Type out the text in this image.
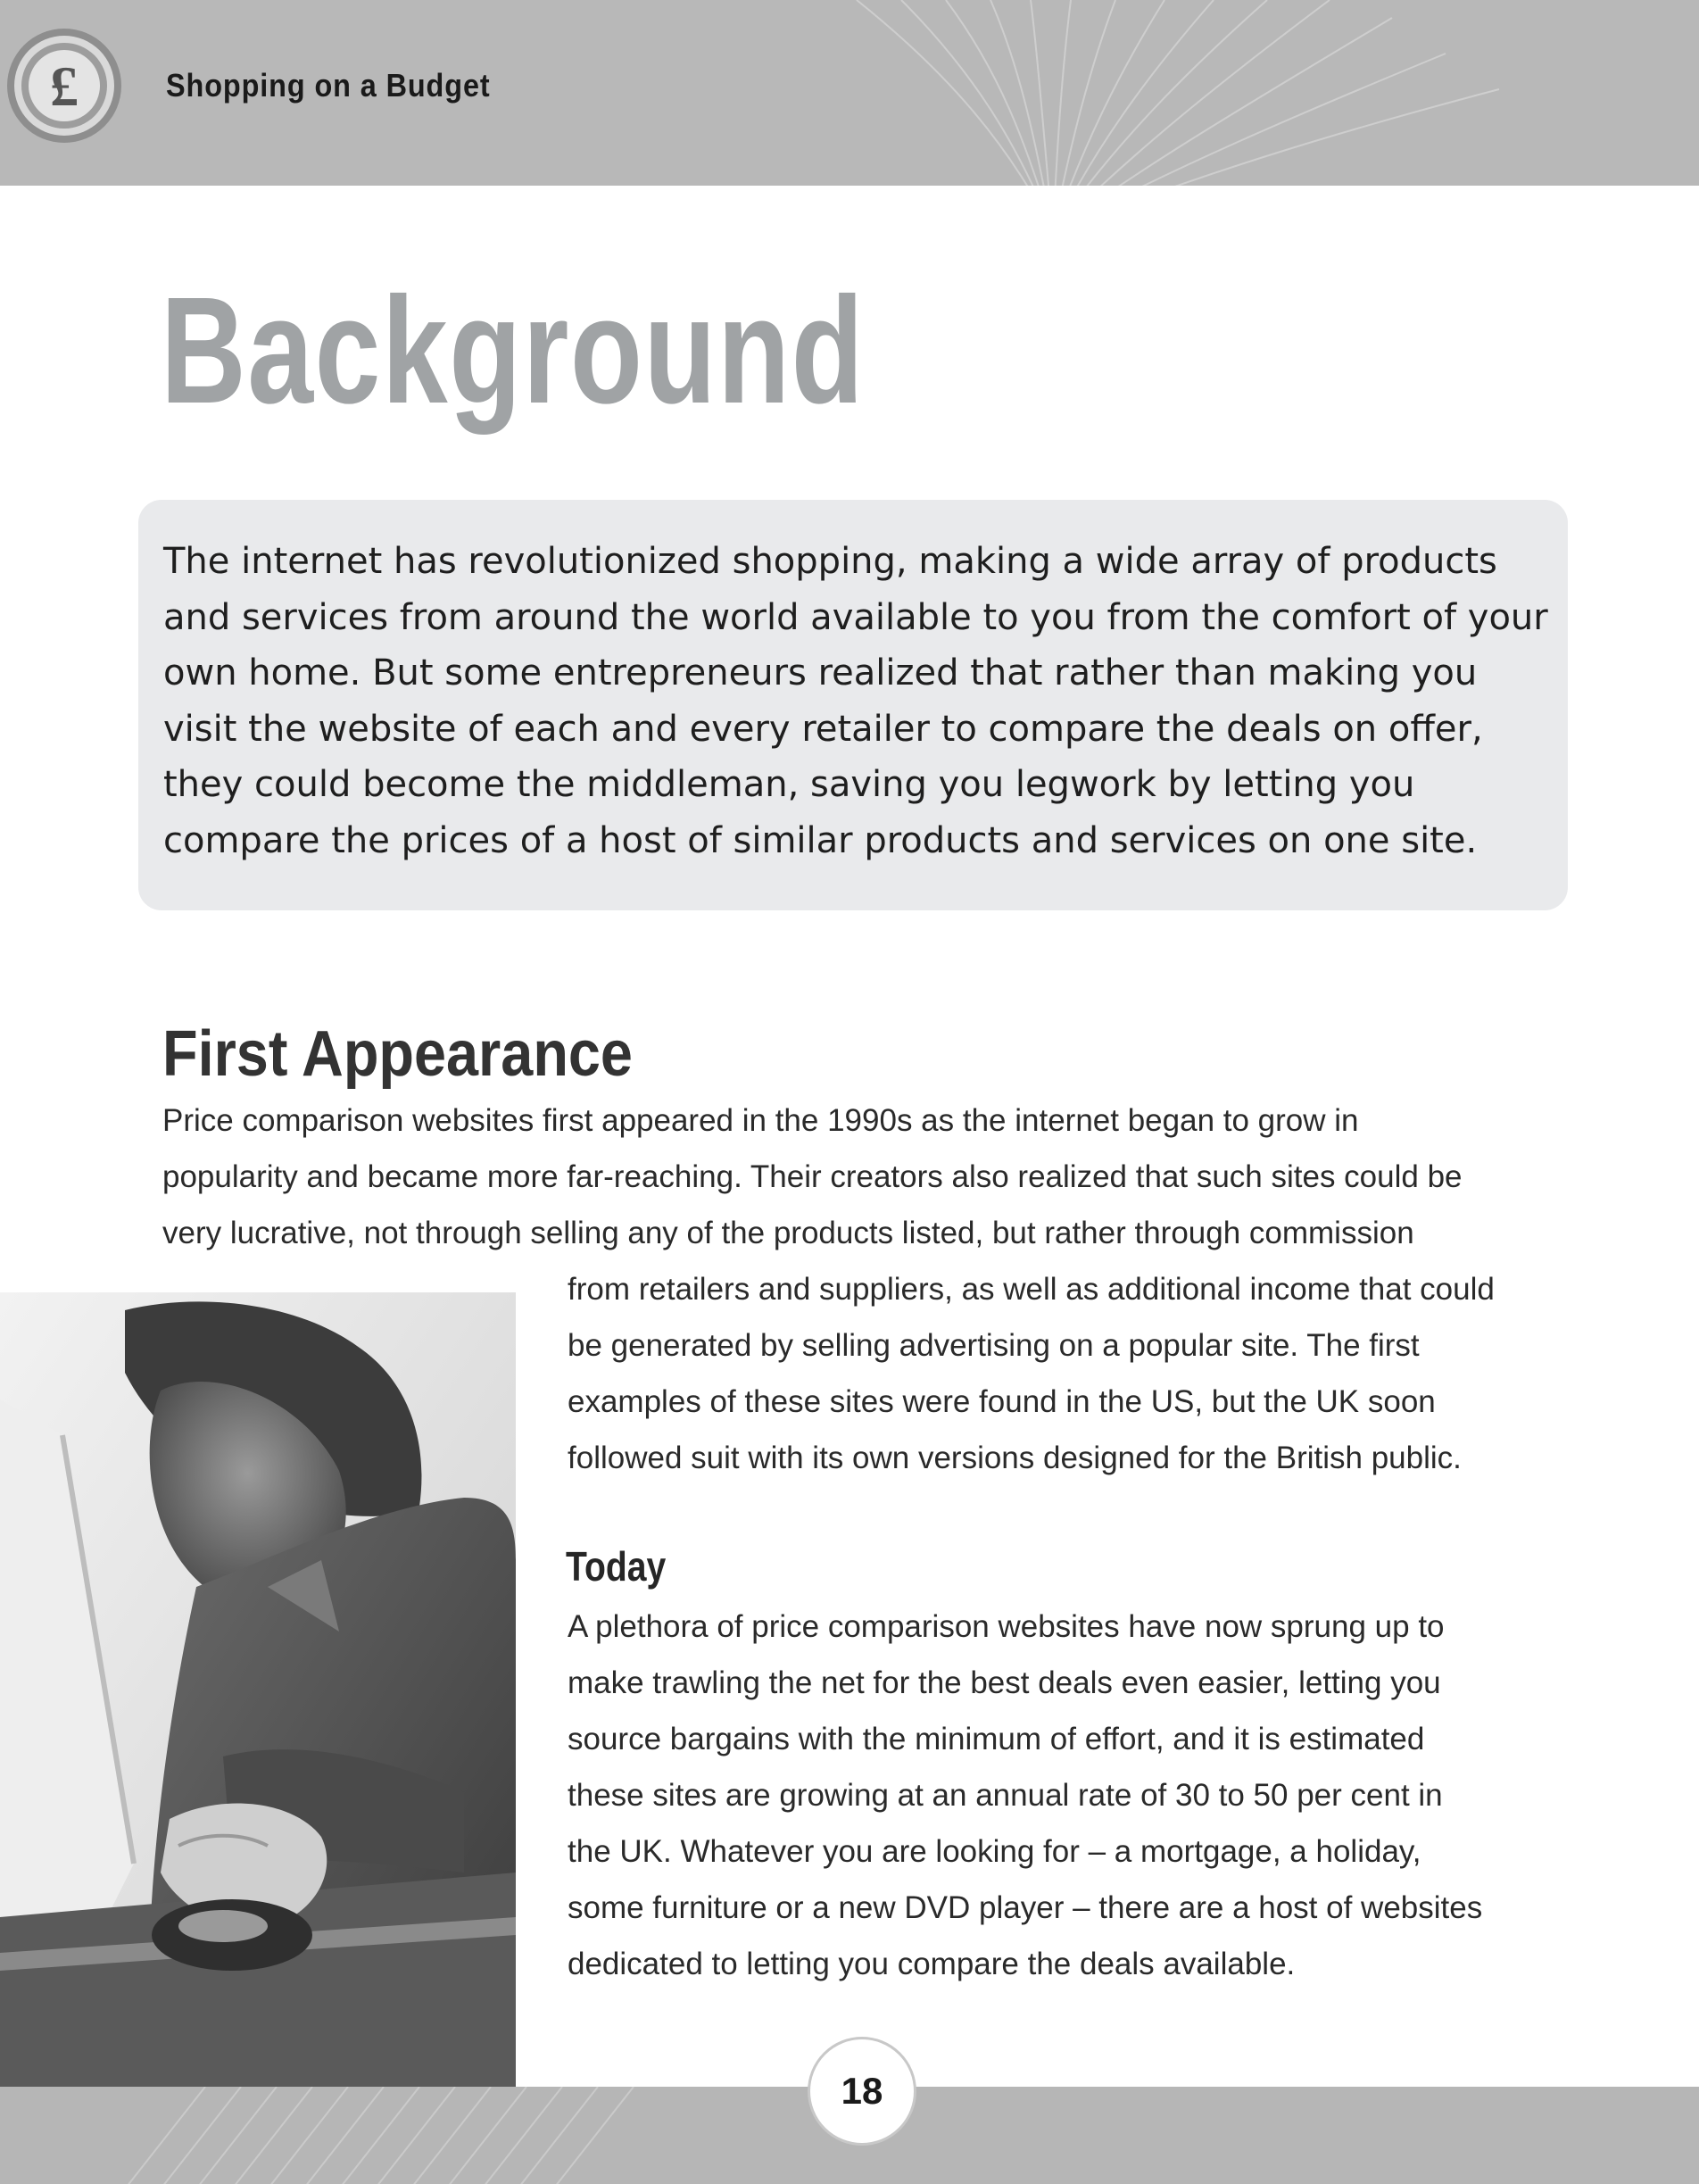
£	Shopping on a Budget
Background

The internet has revolutionized shopping, making a wide array of products and services from around the world available to you from the comfort of your own home. But some entrepreneurs realized that rather than making you visit the website of each and every retailer to compare the deals on offer, they could become the middleman, saving you legwork by letting you compare the prices of a host of similar products and services on one site.

First Appearance

Price comparison websites first appeared in the 1990s as the internet began to grow in

popularity and became more far-reaching. Their creators also realized that such sites could be

very lucrative, not through selling any of the products listed, but rather through commission

from retailers and suppliers, as well as additional income that could

be generated by selling advertising on a popular site. The first

examples of these sites were found in the US, but the UK soon

followed suit with its own versions designed for the British public.

Today

A plethora of price comparison websites have now sprung up to

make trawling the net for the best deals even easier, letting you

source bargains with the minimum of effort, and it is estimated

these sites are growing at an annual rate of 30 to 50 per cent in

the UK. Whatever you are looking for – a mortgage, a holiday,

some furniture or a new DVD player – there are a host of websites

dedicated to letting you compare the deals available.

18
